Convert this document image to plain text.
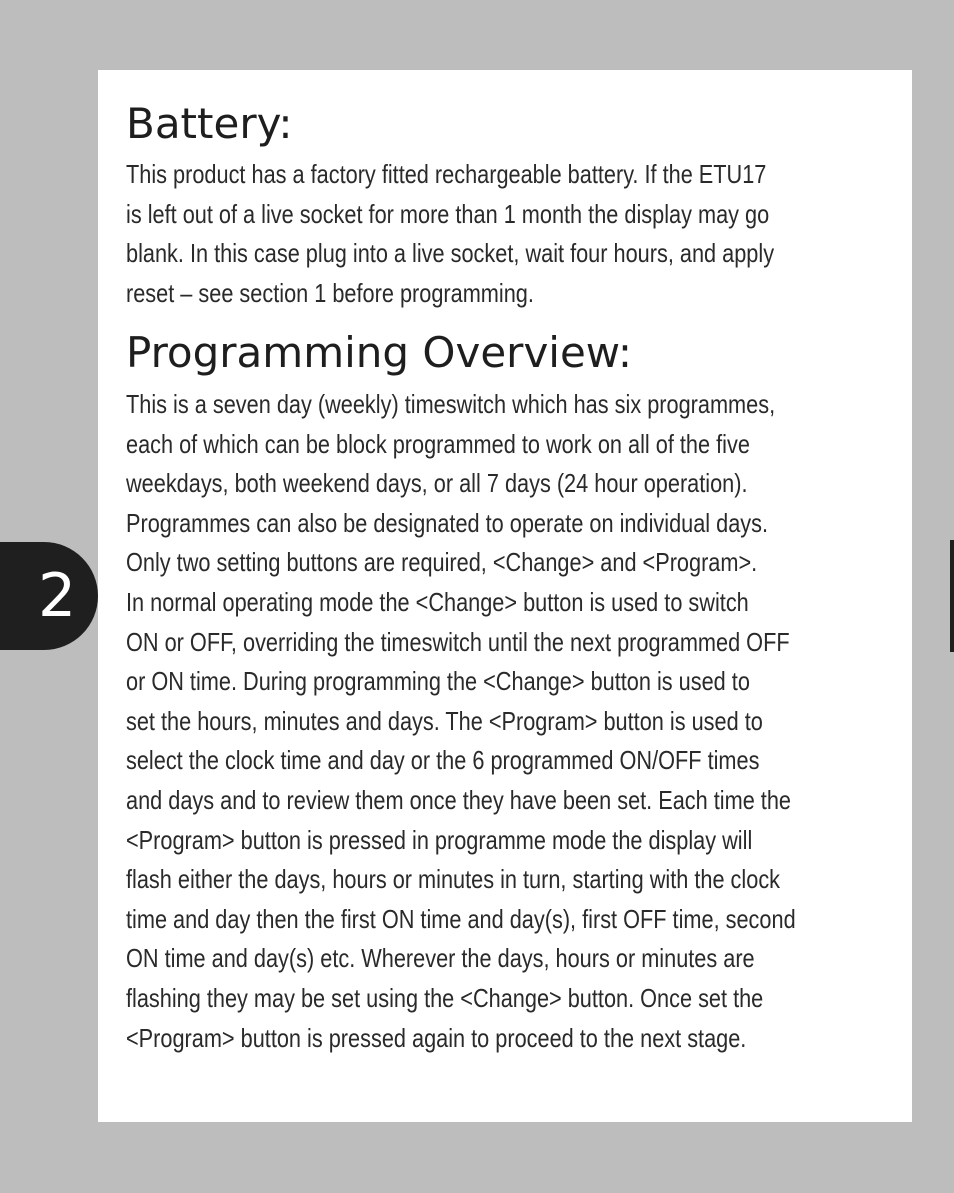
Battery:

This product has a factory fitted rechargeable battery. If the ETU17
is left out of a live socket for more than 1 month the display may go
blank. In this case plug into a live socket, wait four hours, and apply
reset – see section 1 before programming.

Programming Overview:

This is a seven day (weekly) timeswitch which has six programmes,
each of which can be block programmed to work on all of the five
weekdays, both weekend days, or all 7 days (24 hour operation).
Programmes can also be designated to operate on individual days.
Only two setting buttons are required, <Change> and <Program>.
In normal operating mode the <Change> button is used to switch
ON or OFF, overriding the timeswitch until the next programmed OFF
or ON time. During programming the <Change> button is used to
set the hours, minutes and days. The <Program> button is used to
select the clock time and day or the 6 programmed ON/OFF times
and days and to review them once they have been set. Each time the
<Program> button is pressed in programme mode the display will
flash either the days, hours or minutes in turn, starting with the clock
time and day then the first ON time and day(s), first OFF time, second
ON time and day(s) etc. Wherever the days, hours or minutes are
flashing they may be set using the <Change> button. Once set the
<Program> button is pressed again to proceed to the next stage.

2
